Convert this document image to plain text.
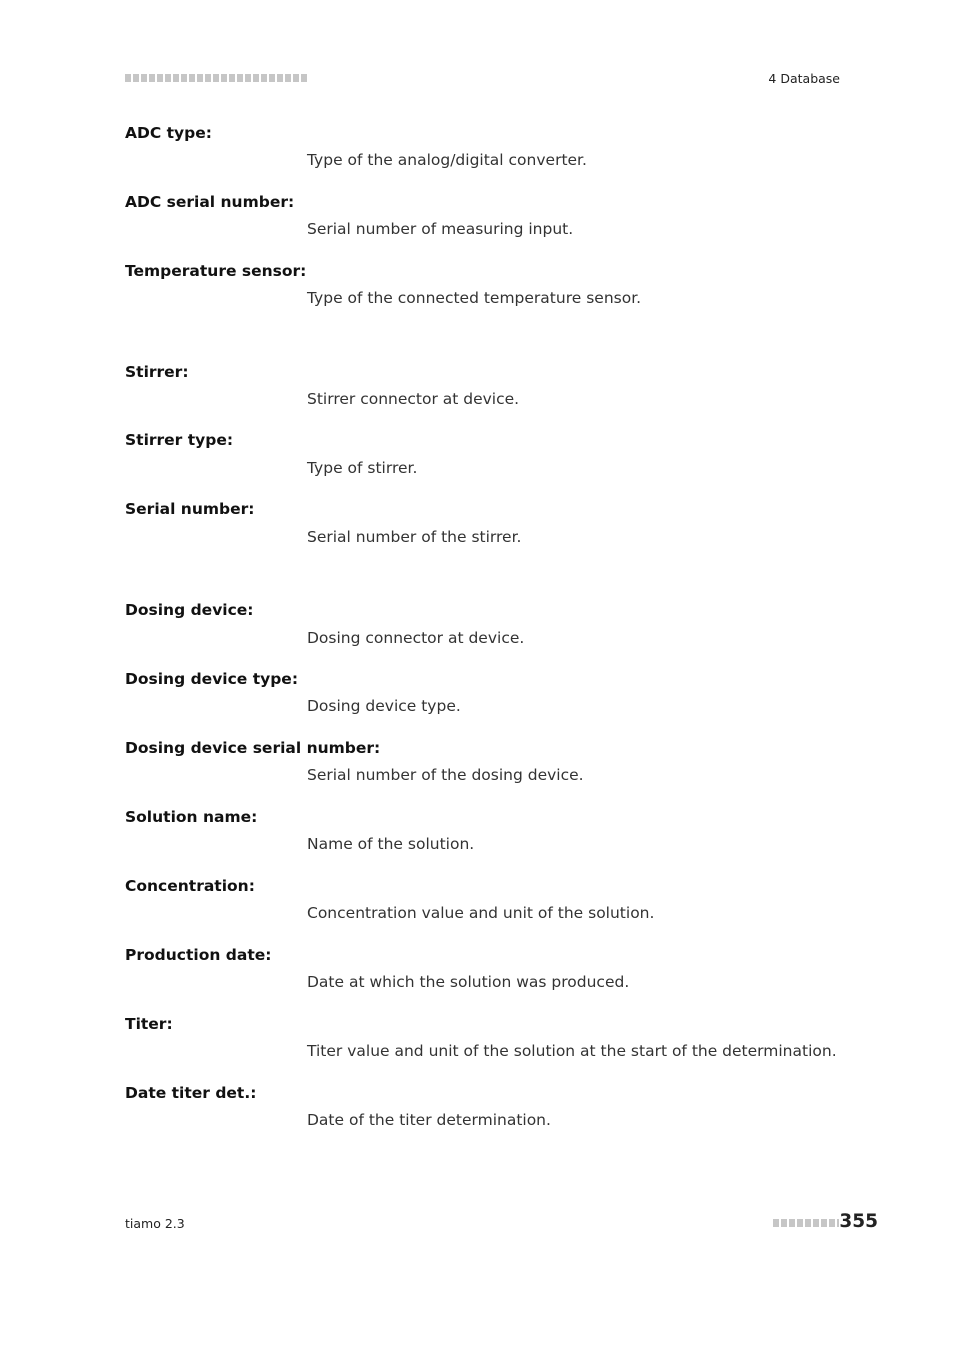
4 Database
ADC type:
Type of the analog/digital converter.
ADC serial number:
Serial number of measuring input.
Temperature sensor:
Type of the connected temperature sensor.
Stirrer:
Stirrer connector at device.
Stirrer type:
Type of stirrer.
Serial number:
Serial number of the stirrer.
Dosing device:
Dosing connector at device.
Dosing device type:
Dosing device type.
Dosing device serial number:
Serial number of the dosing device.
Solution name:
Name of the solution.
Concentration:
Concentration value and unit of the solution.
Production date:
Date at which the solution was produced.
Titer:
Titer value and unit of the solution at the start of the determination.
Date titer det.:
Date of the titer determination.
tiamo 2.3	355
